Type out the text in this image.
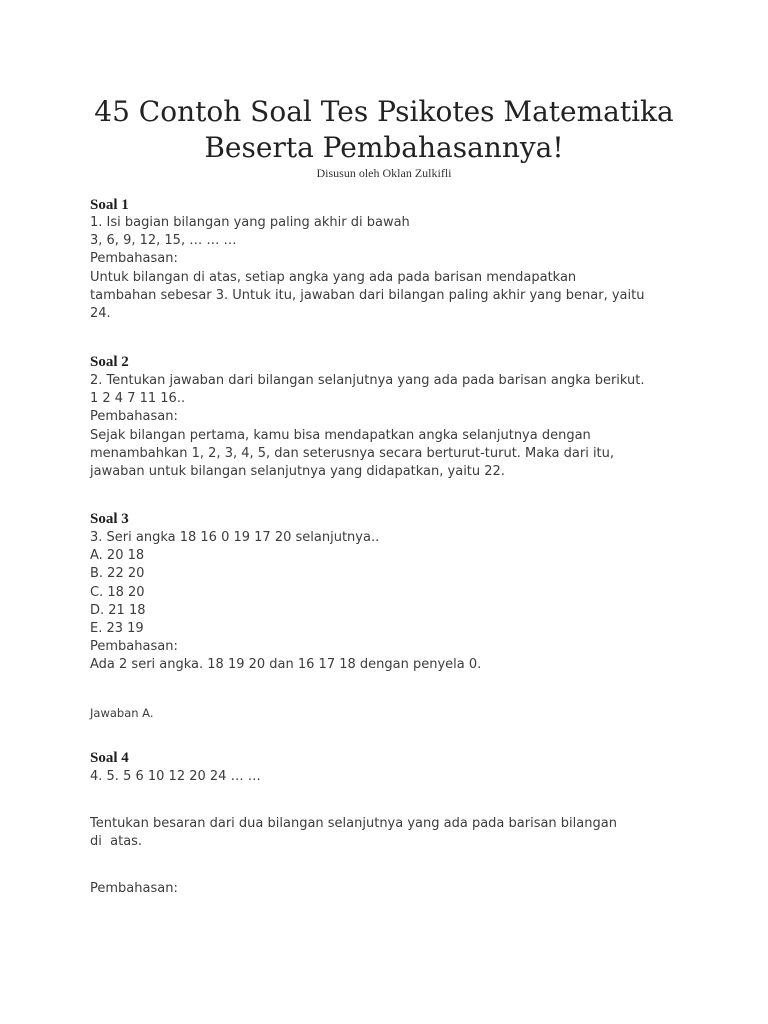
45 Contoh Soal Tes Psikotes Matematika
Beserta Pembahasannya!
Disusun oleh Oklan Zulkifli
Soal 1
1. Isi bagian bilangan yang paling akhir di bawah
3, 6, 9, 12, 15, … … …
Pembahasan:
Untuk bilangan di atas, setiap angka yang ada pada barisan mendapatkan
tambahan sebesar 3. Untuk itu, jawaban dari bilangan paling akhir yang benar, yaitu
24.
Soal 2
2. Tentukan jawaban dari bilangan selanjutnya yang ada pada barisan angka berikut.
1 2 4 7 11 16..
Pembahasan:
Sejak bilangan pertama, kamu bisa mendapatkan angka selanjutnya dengan
menambahkan 1, 2, 3, 4, 5, dan seterusnya secara berturut-turut. Maka dari itu,
jawaban untuk bilangan selanjutnya yang didapatkan, yaitu 22.
Soal 3
3. Seri angka 18 16 0 19 17 20 selanjutnya..
A. 20 18
B. 22 20
C. 18 20
D. 21 18
E. 23 19
Pembahasan:
Ada 2 seri angka. 18 19 20 dan 16 17 18 dengan penyela 0.
Jawaban A.
Soal 4
4. 5. 5 6 10 12 20 24 … …
Tentukan besaran dari dua bilangan selanjutnya yang ada pada barisan bilangan
di  atas.
Pembahasan:
